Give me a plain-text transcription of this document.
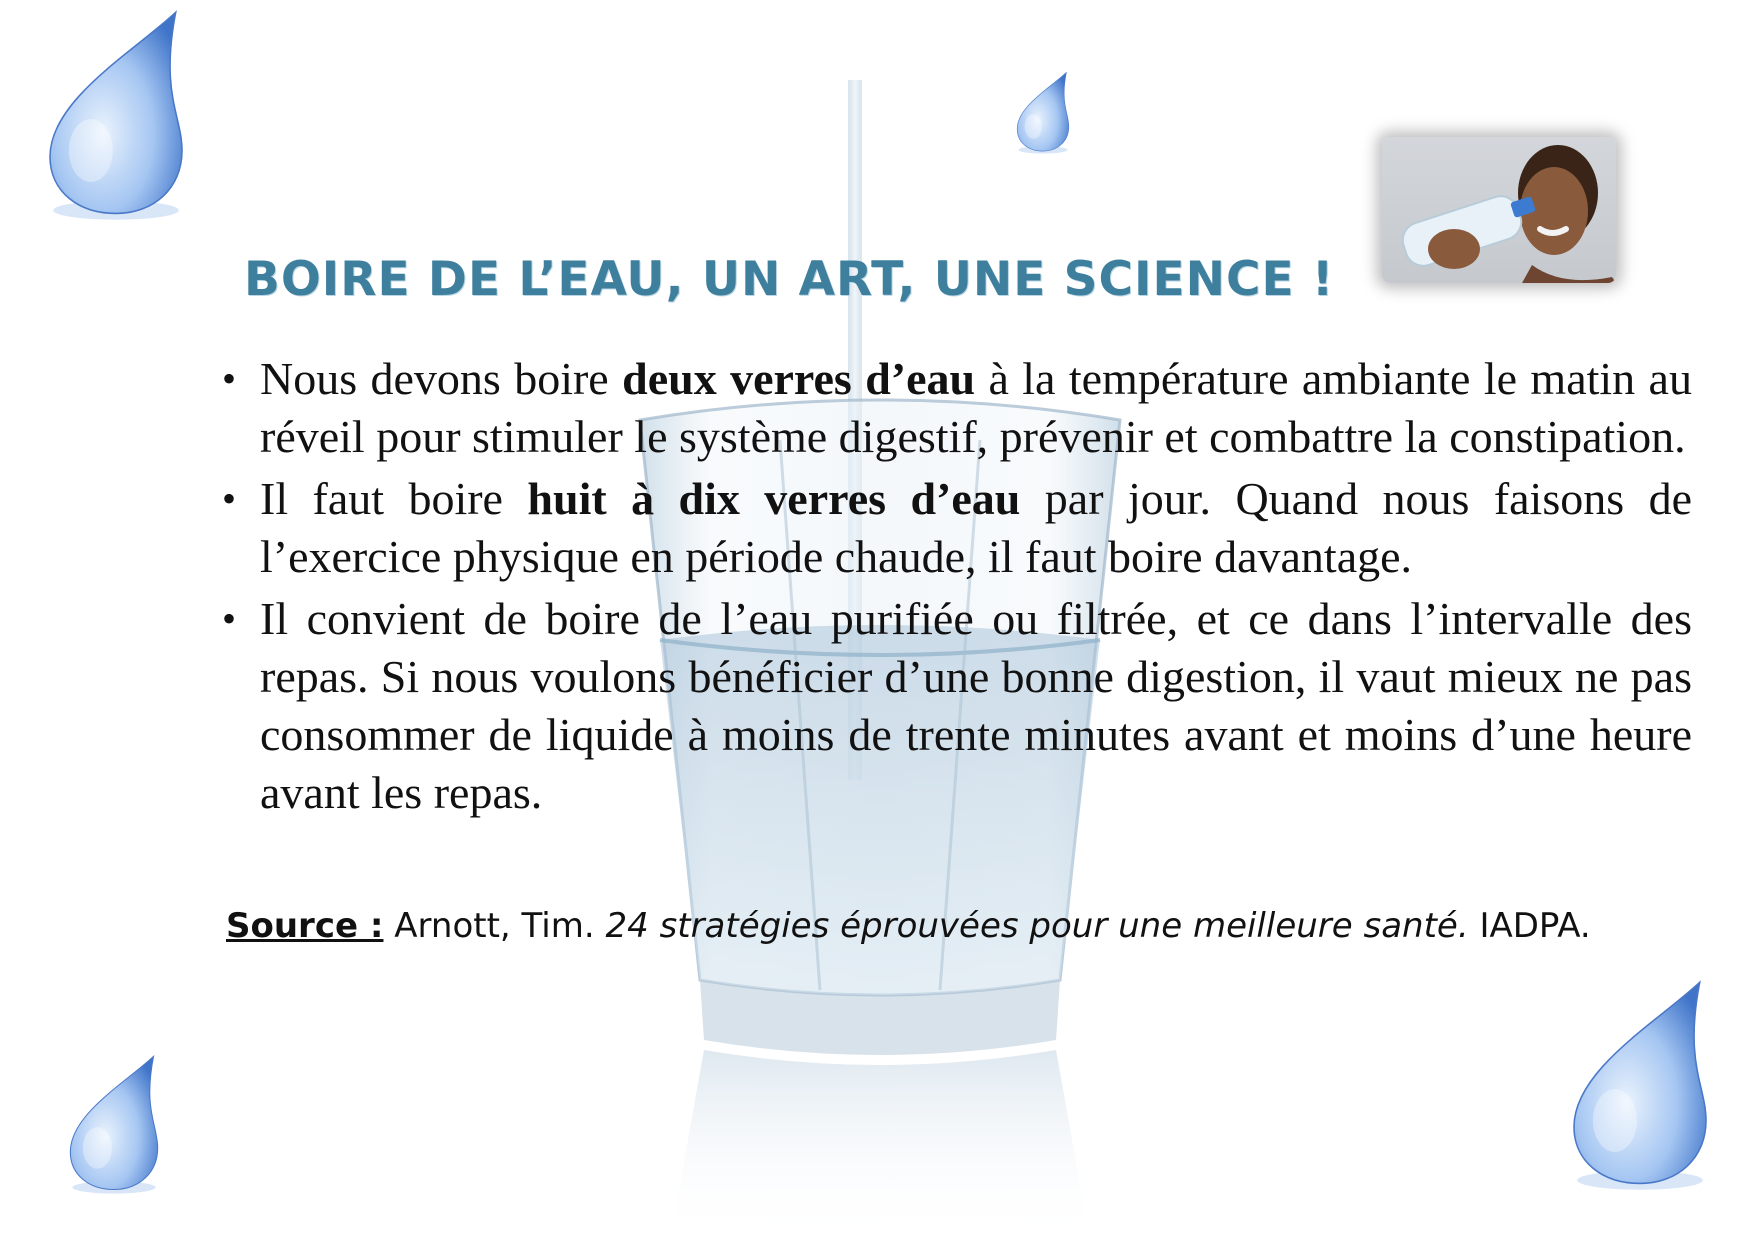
BOIRE DE L’EAU, UN ART, UNE SCIENCE !
• Nous devons boire deux verres d’eau à la température ambiante le matin au réveil pour stimuler le système digestif, prévenir et combattre la constipation.
• Il faut boire huit à dix verres d’eau par jour. Quand nous faisons de l’exercice physique en période chaude, il faut boire davantage.
• Il convient de boire de l’eau purifiée ou filtrée, et ce dans l’intervalle des repas. Si nous voulons bénéficier d’une bonne digestion, il vaut mieux ne pas consommer de liquide à moins de trente minutes avant et moins d’une heure avant les repas.

Source : Arnott, Tim. 24 stratégies éprouvées pour une meilleure santé. IADPA.
